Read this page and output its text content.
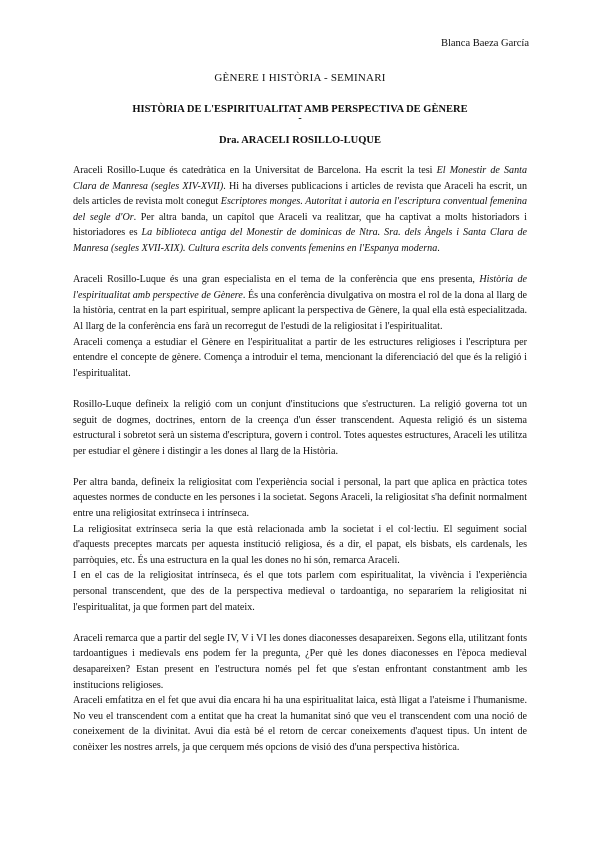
Blanca Baeza García
GÈNERE I HISTÒRIA - SEMINARI
HISTÒRIA DE L'ESPIRITUALITAT AMB PERSPECTIVA DE GÈNERE
-
Dra. ARACELI ROSILLO-LUQUE

Araceli Rosillo-Luque és catedràtica en la Universitat de Barcelona. Ha escrit la tesi El Monestir de Santa Clara de Manresa (segles XIV-XVII). Hi ha diverses publicacions i articles de revista que Araceli ha escrit, un dels articles de revista molt conegut Escriptores monges. Autoritat i autoria en l'escriptura conventual femenina del segle d'Or. Per altra banda, un capítol que Araceli va realitzar, que ha captivat a molts historiadors i historiadores es La biblioteca antiga del Monestir de dominicas de Ntra. Sra. dels Àngels i Santa Clara de Manresa (segles XVII-XIX). Cultura escrita dels convents femenins en l'Espanya moderna.

Araceli Rosillo-Luque és una gran especialista en el tema de la conferència que ens presenta, Història de l'espiritualitat amb perspective de Gènere. És una conferència divulgativa on mostra el rol de la dona al llarg de la història, centrat en la part espiritual, sempre aplicant la perspectiva de Gènere, la qual ella està especialitzada. Al llarg de la conferència ens farà un recorregut de l'estudi de la religiositat i l'espiritualitat.

Araceli comença a estudiar el Gènere en l'espiritualitat a partir de les estructures religioses i l'escriptura per entendre el concepte de gènere. Comença a introduir el tema, mencionant la diferenciació del que és la religió i l'espiritualitat.

Rosillo-Luque defineix la religió com un conjunt d'institucions que s'estructuren. La religió governa tot un seguit de dogmes, doctrines, entorn de la creença d'un ésser transcendent. Aquesta religió és un sistema estructural i sobretot serà un sistema d'escriptura, govern i control. Totes aquestes estructures, Araceli les utilitza per estudiar el gènere i distingir a les dones al llarg de la Història.

Per altra banda, defineix la religiositat com l'experiència social i personal, la part que aplica en pràctica totes aquestes normes de conducte en les persones i la societat. Segons Araceli, la religiositat s'ha definit normalment entre una religiositat extrínseca i intrínseca.

La religiositat extrínseca seria la que està relacionada amb la societat i el col·lectiu. El seguiment social d'aquests preceptes marcats per aquesta institució religiosa, és a dir, el papat, els bisbats, els cardenals, les parròquies, etc. És una estructura en la qual les dones no hi són, remarca Araceli.

I en el cas de la religiositat intrínseca, és el que tots parlem com espiritualitat, la vivència i l'experiència personal transcendent, que des de la perspectiva medieval o tardoantiga, no separaríem la religiositat ni l'espiritualitat, ja que formen part del mateix.

Araceli remarca que a partir del segle IV, V i VI les dones diaconesses desapareixen. Segons ella, utilitzant fonts tardoantigues i medievals ens podem fer la pregunta, ¿Per què les dones diaconesses en l'època medieval desapareixen? Estan present en l'estructura només pel fet que s'estan enfrontant constantment amb les institucions religioses.

Araceli emfatitza en el fet que avui dia encara hi ha una espiritualitat laica, està lligat a l'ateisme i l'humanisme. No veu el transcendent com a entitat que ha creat la humanitat sinó que veu el transcendent com una noció de coneixement de la divinitat. Avui dia està bé el retorn de cercar coneixements d'aquest tipus. Un intent de conèixer les nostres arrels, ja que cerquem més opcions de visió des d'una perspectiva històrica.
